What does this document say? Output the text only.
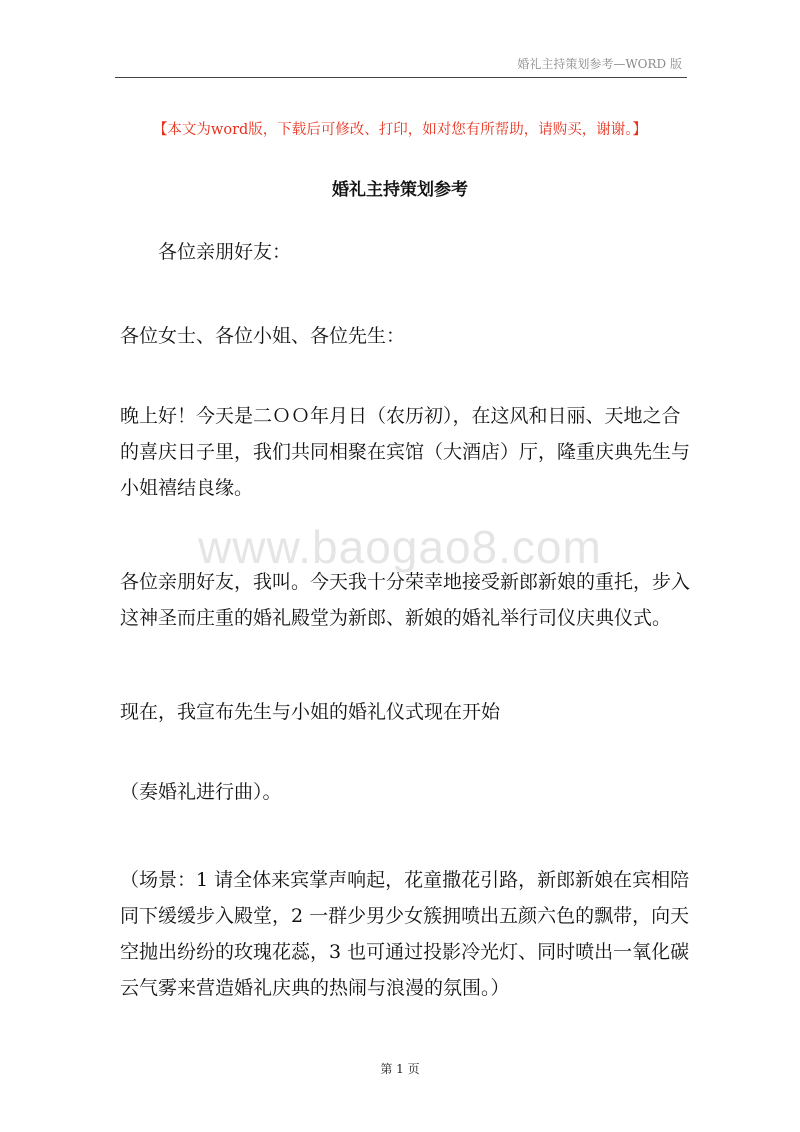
婚礼主持策划参考—WORD 版
【本文为word版，下载后可修改、打印，如对您有所帮助，请购买，谢谢。】
婚礼主持策划参考

各位亲朋好友：

各位女士、各位小姐、各位先生：

晚上好！今天是二ＯＯ年月日（农历初），在这风和日丽、天地之合的喜庆日子里，我们共同相聚在宾馆（大酒店）厅，隆重庆典先生与小姐禧结良缘。

www.baogao8.com

各位亲朋好友，我叫。今天我十分荣幸地接受新郎新娘的重托，步入这神圣而庄重的婚礼殿堂为新郎、新娘的婚礼举行司仪庆典仪式。

现在，我宣布先生与小姐的婚礼仪式现在开始

（奏婚礼进行曲）。

（场景：1 请全体来宾掌声响起，花童撒花引路，新郎新娘在宾相陪同下缓缓步入殿堂，2 一群少男少女簇拥喷出五颜六色的飘带，向天空抛出纷纷的玫瑰花蕊，3 也可通过投影冷光灯、同时喷出一氧化碳云气雾来营造婚礼庆典的热闹与浪漫的氛围。）

第 1 页
